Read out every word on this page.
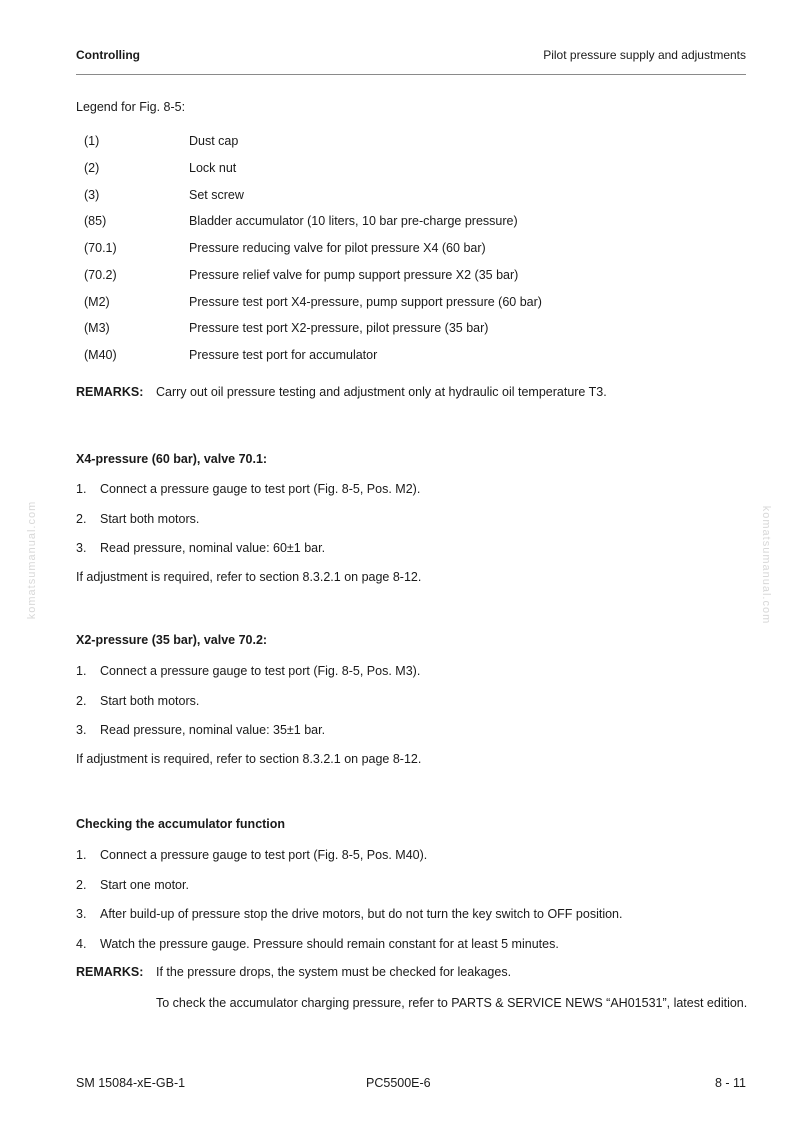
Controlling	Pilot pressure supply and adjustments
Legend for Fig. 8-5:
(1)	Dust cap
(2)	Lock nut
(3)	Set screw
(85)	Bladder accumulator (10 liters, 10 bar pre-charge pressure)
(70.1)	Pressure reducing valve for pilot pressure X4 (60 bar)
(70.2)	Pressure relief valve for pump support pressure X2 (35 bar)
(M2)	Pressure test port X4-pressure, pump support pressure (60 bar)
(M3)	Pressure test port X2-pressure, pilot pressure (35 bar)
(M40)	Pressure test port for accumulator
REMARKS:	Carry out oil pressure testing and adjustment only at hydraulic oil temperature T3.
X4-pressure (60 bar), valve 70.1:
1.	Connect a pressure gauge to test port (Fig. 8-5, Pos. M2).
2.	Start both motors.
3.	Read pressure, nominal value: 60±1 bar.
If adjustment is required, refer to section 8.3.2.1 on page 8-12.
X2-pressure (35 bar), valve 70.2:
1.	Connect a pressure gauge to test port (Fig. 8-5, Pos. M3).
2.	Start both motors.
3.	Read pressure, nominal value: 35±1 bar.
If adjustment is required, refer to section 8.3.2.1 on page 8-12.
Checking the accumulator function
1.	Connect a pressure gauge to test port (Fig. 8-5, Pos. M40).
2.	Start one motor.
3.	After build-up of pressure stop the drive motors, but do not turn the key switch to OFF position.
4.	Watch the pressure gauge. Pressure should remain constant for at least 5 minutes.
REMARKS:	If the pressure drops, the system must be checked for leakages.
To check the accumulator charging pressure, refer to PARTS & SERVICE NEWS “AH01531”, latest edition.
komatsumanual.com	komatsumanual.com
SM 15084-xE-GB-1	PC5500E-6	8 - 11
